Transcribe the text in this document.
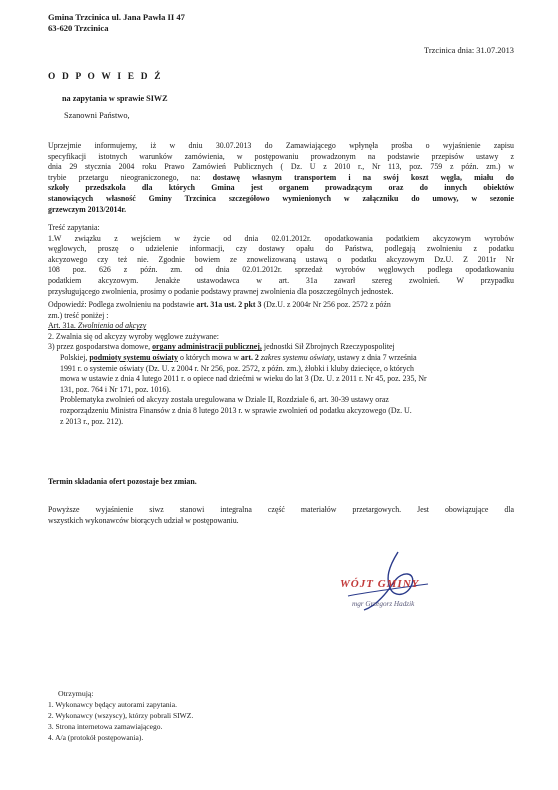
Gmina Trzcinica ul. Jana Pawła II 47
63-620 Trzcinica
Trzcinica dnia: 31.07.2013
O D P O W I E D Ź
na zapytania w sprawie SIWZ
Szanowni Państwo,
Uprzejmie informujemy, iż w dniu 30.07.2013 do Zamawiającego wpłynęła prośba o wyjaśnienie zapisu
specyfikacji istotnych warunków zamówienia, w postępowaniu prowadzonym na podstawie przepisów ustawy z
dnia 29 stycznia 2004 roku Prawo Zamówień Publicznych ( Dz. U z 2010 r., Nr 113, poz. 759 z późn. zm.) w
trybie przetargu nieograniczonego, na: dostawę własnym transportem i na swój koszt węgla, miału do
szkoły przedszkola dla których Gmina jest organem prowadzącym oraz do innych obiektów
stanowiących własność Gminy Trzcinica szczegółowo wymienionych w załączniku do umowy, w sezonie
grzewczym 2013/2014r.
Treść zapytania:
1.W związku z wejściem w życie od dnia 02.01.2012r. opodatkowania podatkiem akcyzowym wyrobów
węglowych, proszę o udzielenie informacji, czy dostawy opału do Państwa, podlegają zwolnieniu z podatku
akcyzowego czy też nie. Zgodnie bowiem ze znowelizowaną ustawą o podatku akcyzowym Dz.U. Z 2011r Nr
108 poz. 626 z późn. zm. od dnia 02.01.2012r. sprzedaż wyrobów węglowych podlega opodatkowaniu
podatkiem akcyzowym. Jenakże ustawodawca w art. 31a zawarł szereg zwolnień. W przypadku
przysługującego zwolnienia, prosimy o podanie podstawy prawnej zwolnienia dla poszczególnych jednostek.
Odpowiedź: Podlega zwolnieniu na podstawie art. 31a ust. 2 pkt 3 (Dz.U. z 2004r Nr 256 poz. 2572 z późn
zm.) treść poniżej :
Art. 31a. Zwolnienia od akcyzy
2. Zwalnia się od akcyzy wyroby węglowe zużywane:
3) przez gospodarstwa domowe, organy administracji publicznej, jednostki Sił Zbrojnych Rzeczypospolitej
Polskiej, podmioty systemu oświaty o których mowa w art. 2 zakres systemu oświaty, ustawy z dnia 7 września
1991 r. o systemie oświaty (Dz. U. z 2004 r. Nr 256, poz. 2572, z późn. zm.), żłobki i kluby dziecięce, o których
mowa w ustawie z dnia 4 lutego 2011 r. o opiece nad dziećmi w wieku do lat 3 (Dz. U. z 2011 r. Nr 45, poz. 235, Nr
131, poz. 764 i Nr 171, poz. 1016).
Problematyka zwolnień od akcyzy została uregulowana w Dziale II, Rozdziale 6, art. 30-39 ustawy oraz
rozporządzeniu Ministra Finansów z dnia 8 lutego 2013 r. w sprawie zwolnień od podatku akcyzowego (Dz. U.
z 2013 r., poz. 212).
Termin składania ofert pozostaje bez zmian.
Powyższe wyjaśnienie siwz stanowi integralna część materiałów przetargowych. Jest obowiązujące dla
wszystkich wykonawców biorących udział w postępowaniu.
WÓJT GMINY
mgr Grzegorz Hadzik
Otrzymują:
1. Wykonawcy będący autorami zapytania.
2. Wykonawcy (wszyscy), którzy pobrali SIWZ.
3. Strona internetowa zamawiającego.
4. A/a (protokół postępowania).
